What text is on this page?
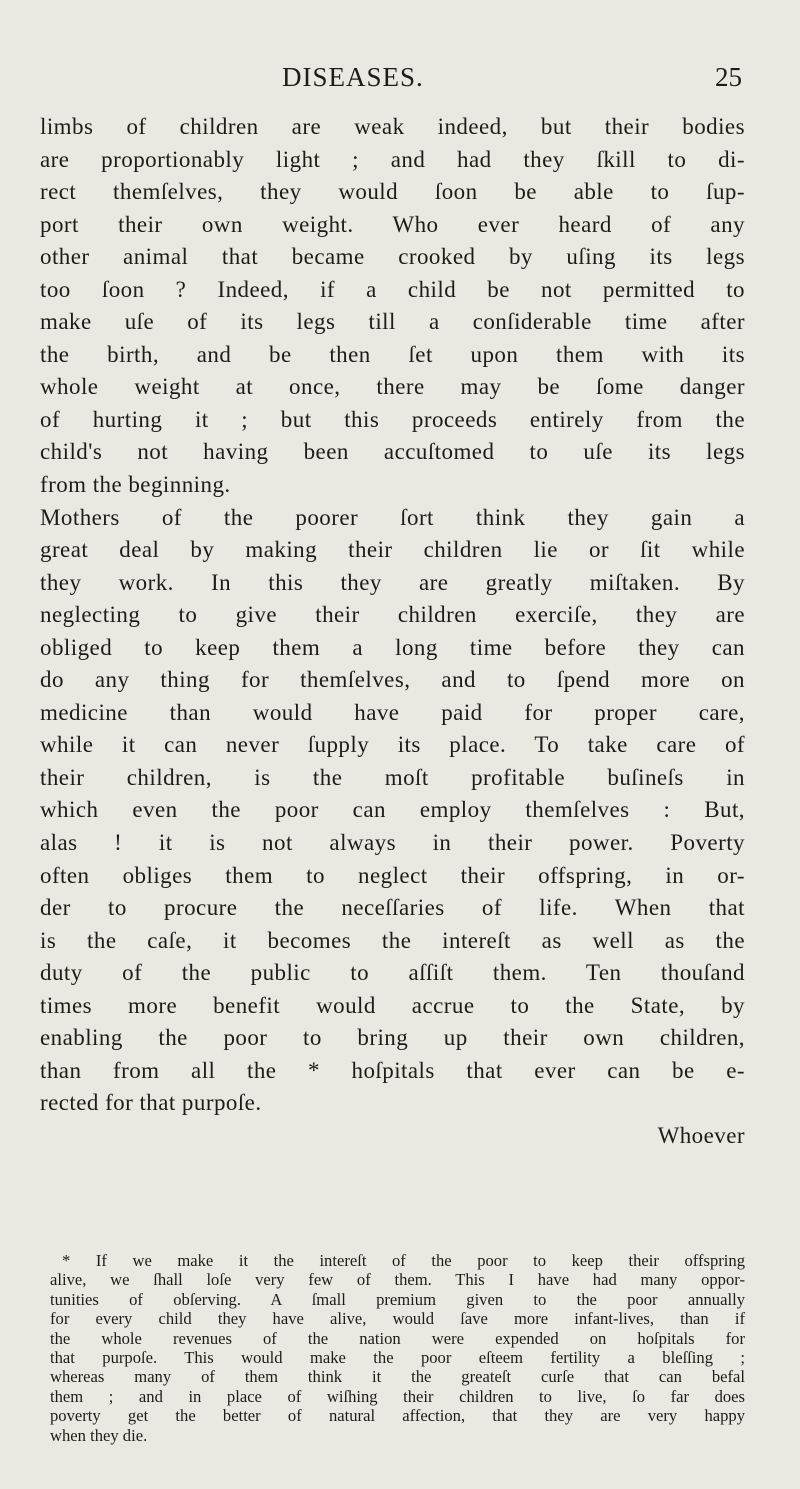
DISEASES.	25
limbs of children are weak indeed, but their bodies
are proportionably light ; and had they ſkill to di-
rect themſelves, they would ſoon be able to ſup-
port their own weight. Who ever heard of any
other animal that became crooked by uſing its legs
too ſoon ? Indeed, if a child be not permitted to
make uſe of its legs till a conſiderable time after
the birth, and be then ſet upon them with its
whole weight at once, there may be ſome danger
of hurting it ; but this proceeds entirely from the
child's not having been accuſtomed to uſe its legs
from the beginning.
Mothers of the poorer ſort think they gain a
great deal by making their children lie or ſit while
they work. In this they are greatly miſtaken. By
neglecting to give their children exerciſe, they are
obliged to keep them a long time before they can
do any thing for themſelves, and to ſpend more on
medicine than would have paid for proper care,
while it can never ſupply its place. To take care of
their children, is the moſt profitable buſineſs in
which even the poor can employ themſelves : But,
alas ! it is not always in their power. Poverty
often obliges them to neglect their offspring, in or-
der to procure the neceſſaries of life. When that
is the caſe, it becomes the intereſt as well as the
duty of the public to aſſiſt them. Ten thouſand
times more benefit would accrue to the State, by
enabling the poor to bring up their own children,
than from all the * hoſpitals that ever can be e-
rected for that purpoſe.
Whoever
* If we make it the intereſt of the poor to keep their offspring
alive, we ſhall loſe very few of them. This I have had many oppor-
tunities of obſerving. A ſmall premium given to the poor annually
for every child they have alive, would ſave more infant-lives, than if
the whole revenues of the nation were expended on hoſpitals for
that purpoſe. This would make the poor eſteem fertility a bleſſing ;
whereas many of them think it the greateſt curſe that can befal
them ; and in place of wiſhing their children to live, ſo far does
poverty get the better of natural affection, that they are very happy
when they die.
